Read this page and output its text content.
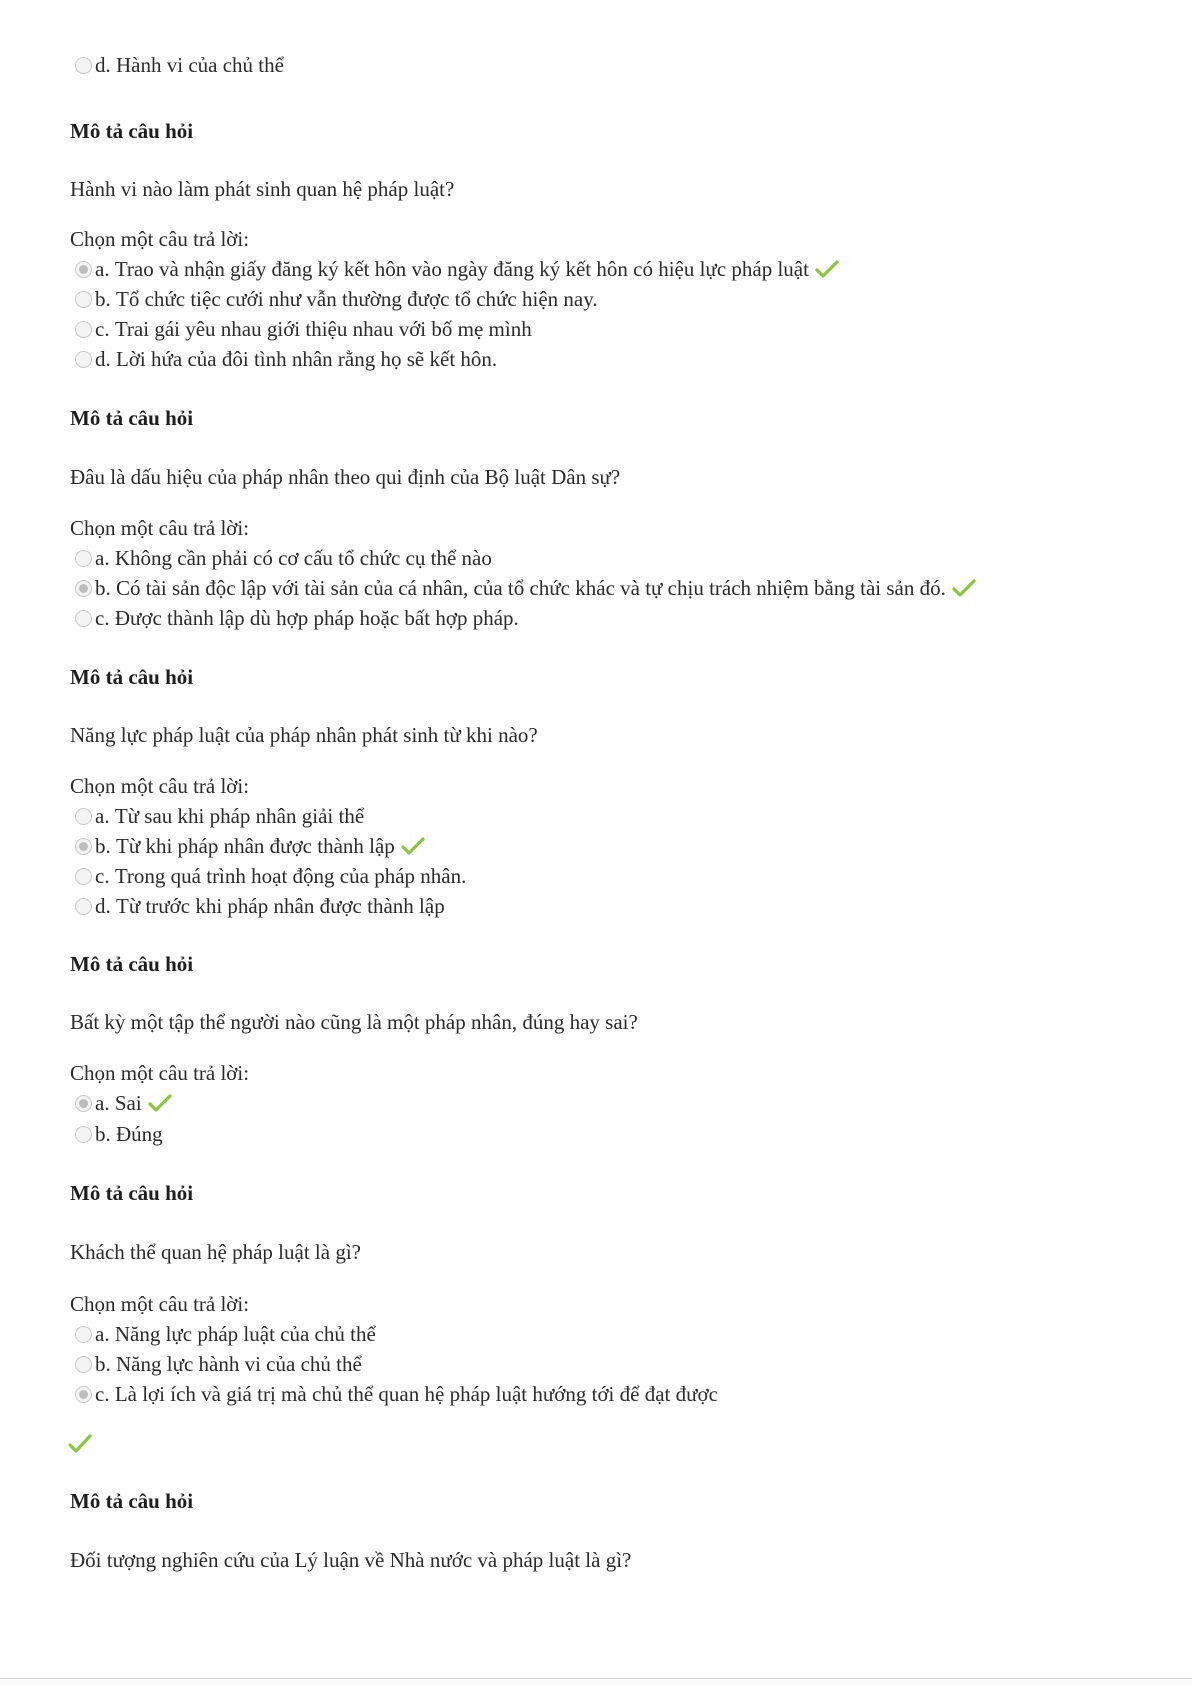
d.
Hành vi của chủ thể
Mô tả câu hỏi
Hành vi nào làm phát sinh quan hệ pháp luật?
Chọn một câu trả lời:
a.
Trao và nhận giấy đăng ký kết hôn vào ngày đăng ký kết hôn có hiệu lực pháp luật
b.
Tổ chức tiệc cưới như vẫn thường được tổ chức hiện nay.
c.
Trai gái yêu nhau giới thiệu nhau với bố mẹ mình
d.
Lời hứa của đôi tình nhân rằng họ sẽ kết hôn.
Mô tả câu hỏi
Đâu là dấu hiệu của pháp nhân theo qui định của Bộ luật Dân sự?
Chọn một câu trả lời:
a.
Không cần phải có cơ cấu tổ chức cụ thể nào
b.
Có tài sản độc lập với tài sản của cá nhân, của tổ chức khác và tự chịu trách nhiệm bằng tài sản đó.
c.
Được thành lập dù hợp pháp hoặc bất hợp pháp.
Mô tả câu hỏi
Năng lực pháp luật của pháp nhân phát sinh từ khi nào?
Chọn một câu trả lời:
a.
Từ sau khi pháp nhân giải thể
b.
Từ khi pháp nhân được thành lập
c.
Trong quá trình hoạt động của pháp nhân.
d.
Từ trước khi pháp nhân được thành lập
Mô tả câu hỏi
Bất kỳ một tập thể người nào cũng là một pháp nhân, đúng hay sai?
Chọn một câu trả lời:
a.
Sai
b.
Đúng
Mô tả câu hỏi
Khách thể quan hệ pháp luật là gì?
Chọn một câu trả lời:
a.
Năng lực pháp luật của chủ thể
b.
Năng lực hành vi của chủ thể
c.
Là lợi ích và giá trị mà chủ thể quan hệ pháp luật hướng tới để đạt được
Mô tả câu hỏi
Đối tượng nghiên cứu của Lý luận về Nhà nước và pháp luật là gì?
